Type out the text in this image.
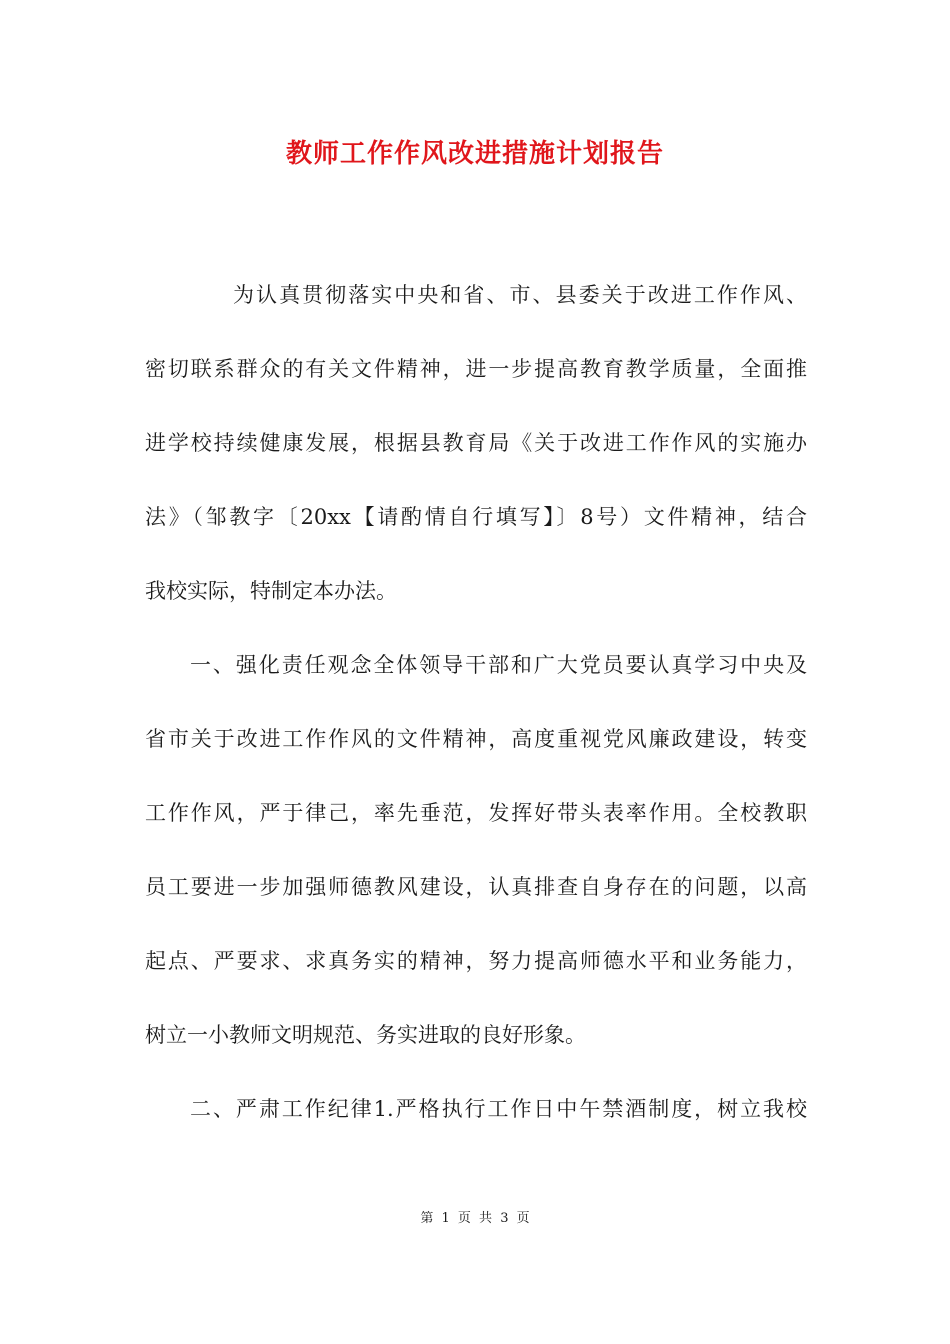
教师工作作风改进措施计划报告
为认真贯彻落实中央和省、市、县委关于改进工作作风、
密切联系群众的有关文件精神，进一步提高教育教学质量，全面推
进学校持续健康发展，根据县教育局《关于改进工作作风的实施办
法》（邹教字〔20xx【请酌情自行填写】〕8号）文件精神，结合
我校实际，特制定本办法。
一、强化责任观念全体领导干部和广大党员要认真学习中央及
省市关于改进工作作风的文件精神，高度重视党风廉政建设，转变
工作作风，严于律己，率先垂范，发挥好带头表率作用。全校教职
员工要进一步加强师德教风建设，认真排查自身存在的问题，以高
起点、严要求、求真务实的精神，努力提高师德水平和业务能力，
树立一小教师文明规范、务实进取的良好形象。
二、严肃工作纪律1.严格执行工作日中午禁酒制度，树立我校
第 1 页 共 3 页
